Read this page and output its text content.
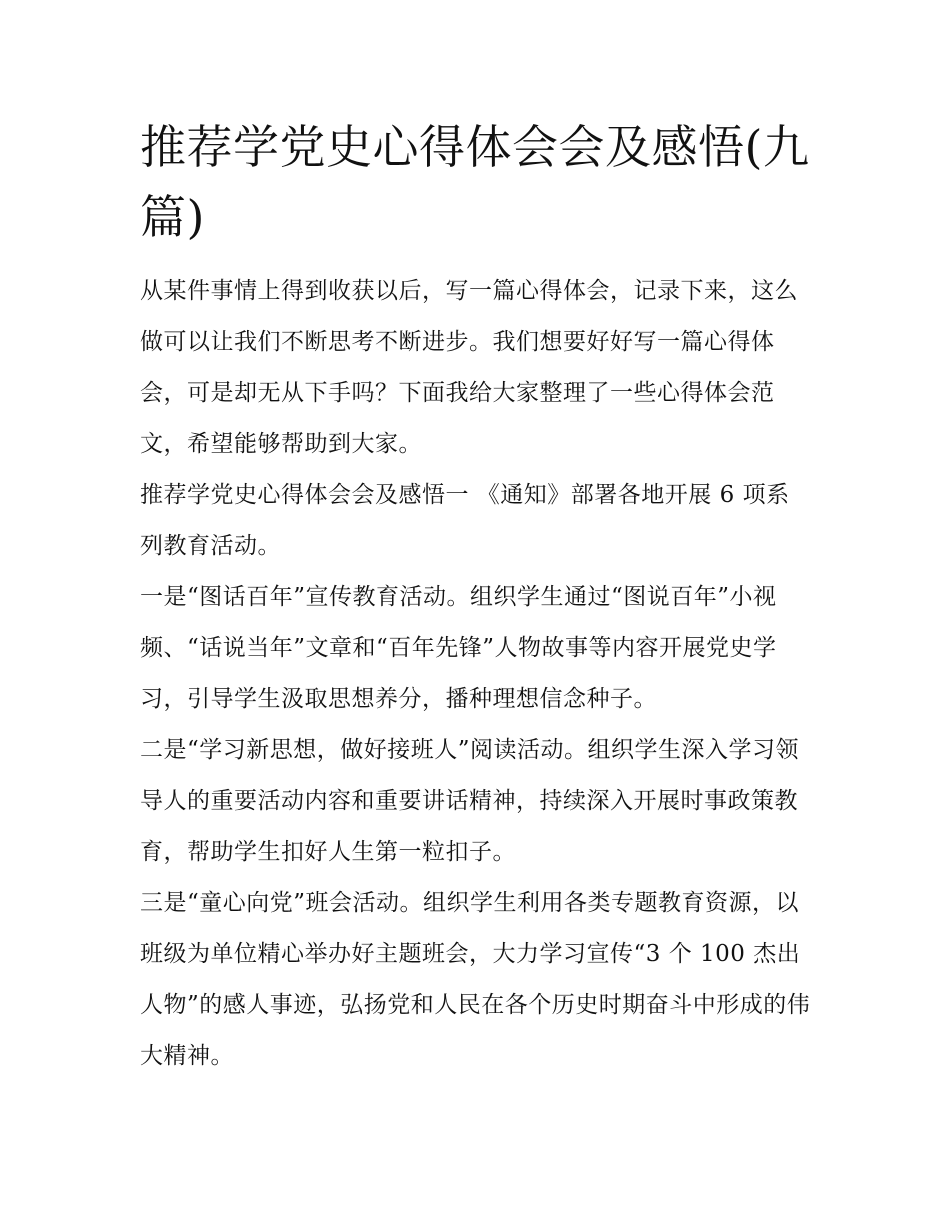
推荐学党史心得体会会及感悟(九篇)

从某件事情上得到收获以后，写一篇心得体会，记录下来，这么做可以让我们不断思考不断进步。我们想要好好写一篇心得体会，可是却无从下手吗？下面我给大家整理了一些心得体会范文，希望能够帮助到大家。

推荐学党史心得体会会及感悟一 《通知》部署各地开展 6 项系列教育活动。

一是“图话百年”宣传教育活动。组织学生通过“图说百年”小视频、“话说当年”文章和“百年先锋”人物故事等内容开展党史学习，引导学生汲取思想养分，播种理想信念种子。

二是“学习新思想，做好接班人”阅读活动。组织学生深入学习领导人的重要活动内容和重要讲话精神，持续深入开展时事政策教育，帮助学生扣好人生第一粒扣子。

三是“童心向党”班会活动。组织学生利用各类专题教育资源，以班级为单位精心举办好主题班会，大力学习宣传“3 个 100 杰出人物”的感人事迹，弘扬党和人民在各个历史时期奋斗中形成的伟大精神。
